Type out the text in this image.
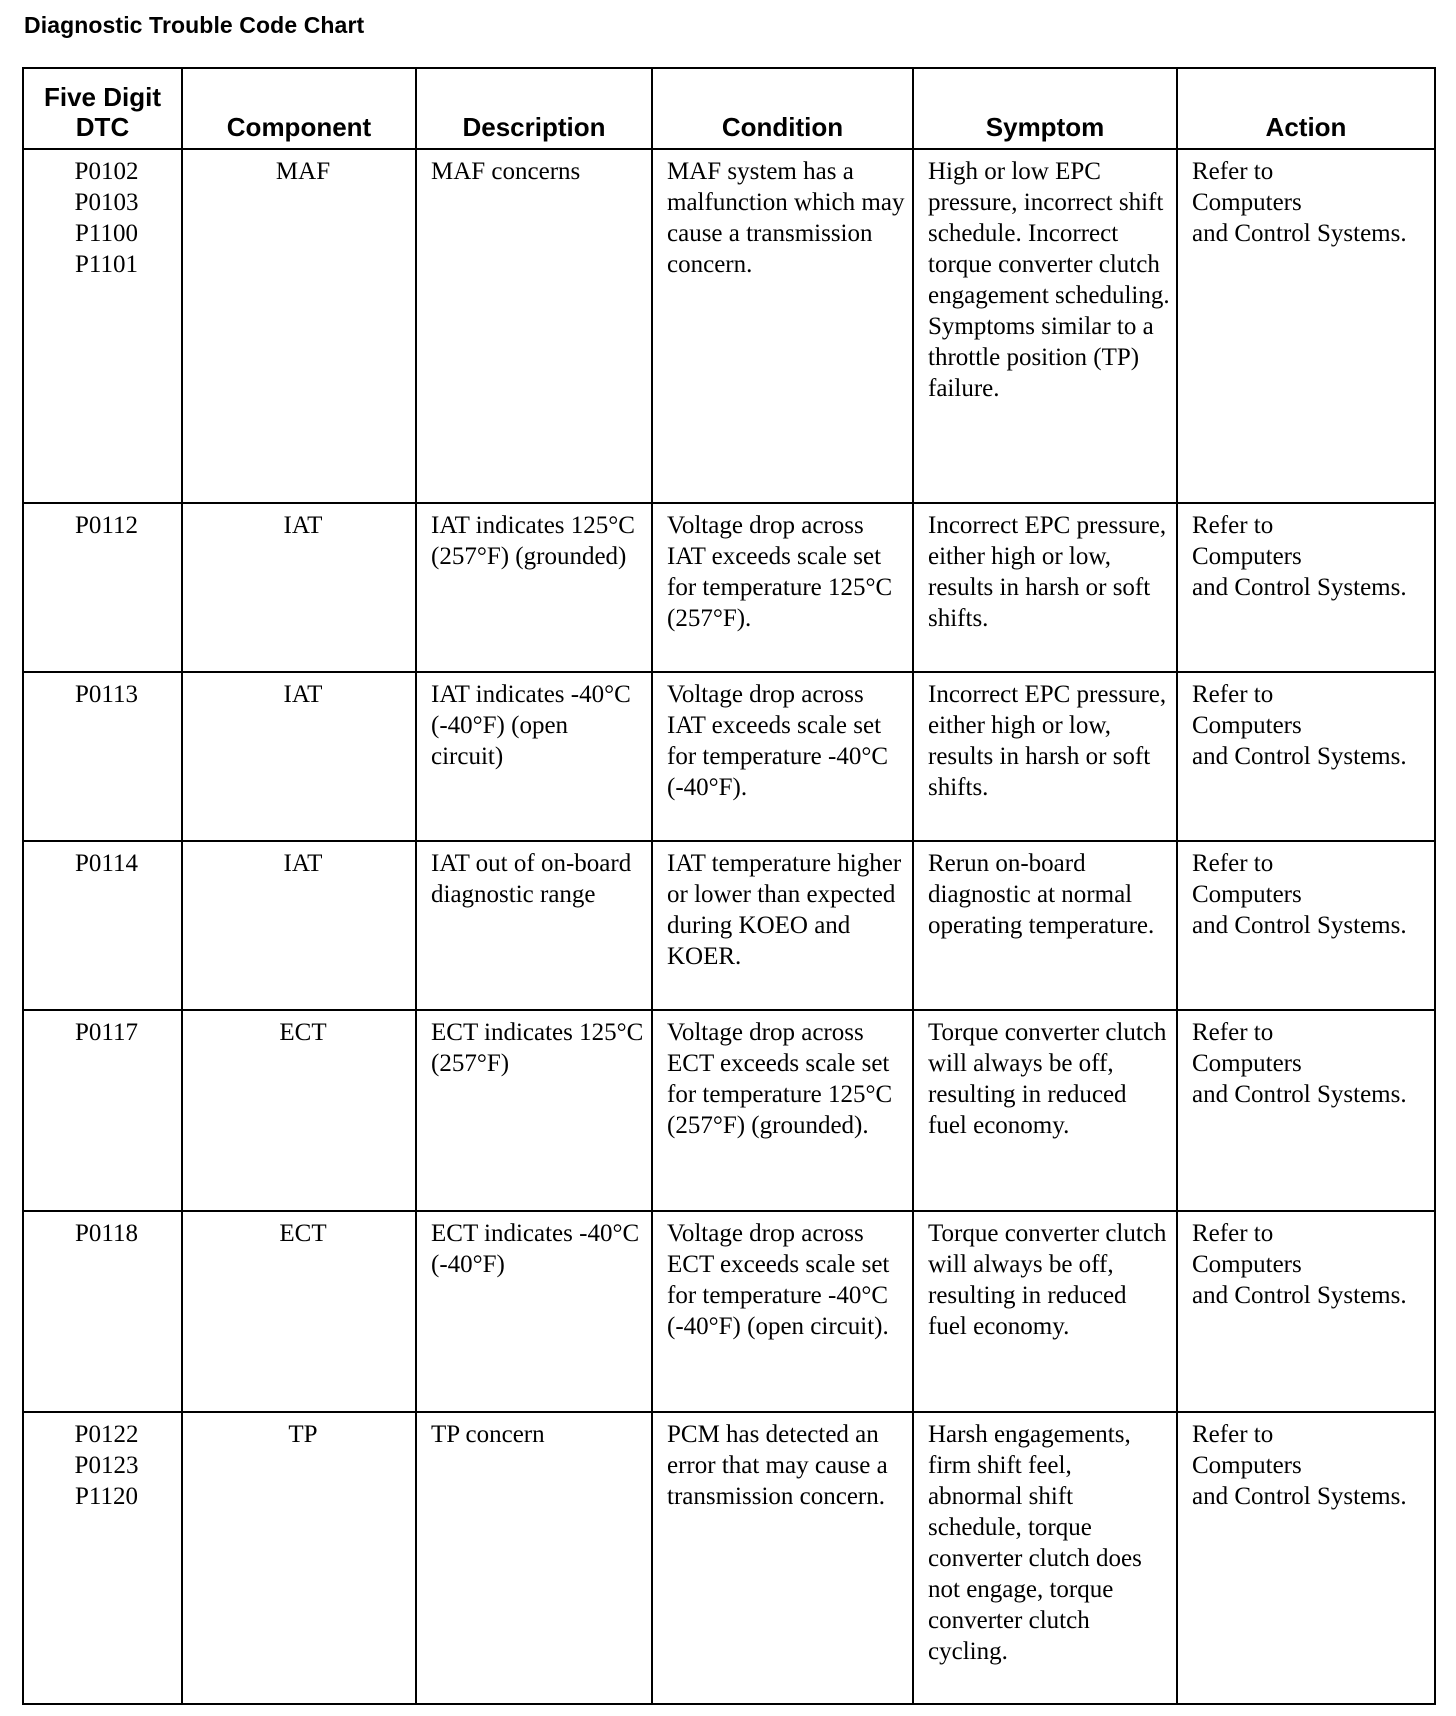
Diagnostic Trouble Code Chart
Five Digit
DTC	Component	Description	Condition	Symptom	Action

P0102
P0103
P1100
P1101	MAF	MAF concerns	MAF system has a malfunction which may cause a transmission concern.	High or low EPC pressure, incorrect shift schedule. Incorrect torque converter clutch engagement scheduling. Symptoms similar to a throttle position (TP) failure.	Refer to
Computers
and Control Systems.

P0112	IAT	IAT indicates 125°C (257°F) (grounded)	Voltage drop across IAT exceeds scale set for temperature 125°C (257°F).	Incorrect EPC pressure, either high or low, results in harsh or soft shifts.	Refer to
Computers
and Control Systems.

P0113	IAT	IAT indicates -40°C (-40°F) (open circuit)	Voltage drop across IAT exceeds scale set for temperature -40°C (-40°F).	Incorrect EPC pressure, either high or low, results in harsh or soft shifts.	Refer to
Computers
and Control Systems.

P0114	IAT	IAT out of on-board diagnostic range	IAT temperature higher or lower than expected during KOEO and KOER.	Rerun on-board diagnostic at normal operating temperature.	Refer to
Computers
and Control Systems.

P0117	ECT	ECT indicates 125°C (257°F)	Voltage drop across ECT exceeds scale set for temperature 125°C (257°F) (grounded).	Torque converter clutch will always be off, resulting in reduced fuel economy.	Refer to
Computers
and Control Systems.

P0118	ECT	ECT indicates -40°C (-40°F)	Voltage drop across ECT exceeds scale set for temperature -40°C (-40°F) (open circuit).	Torque converter clutch will always be off, resulting in reduced fuel economy.	Refer to
Computers
and Control Systems.

P0122
P0123
P1120	TP	TP concern	PCM has detected an error that may cause a transmission concern.	Harsh engagements, firm shift feel, abnormal shift schedule, torque converter clutch does not engage, torque converter clutch cycling.	Refer to
Computers
and Control Systems.
